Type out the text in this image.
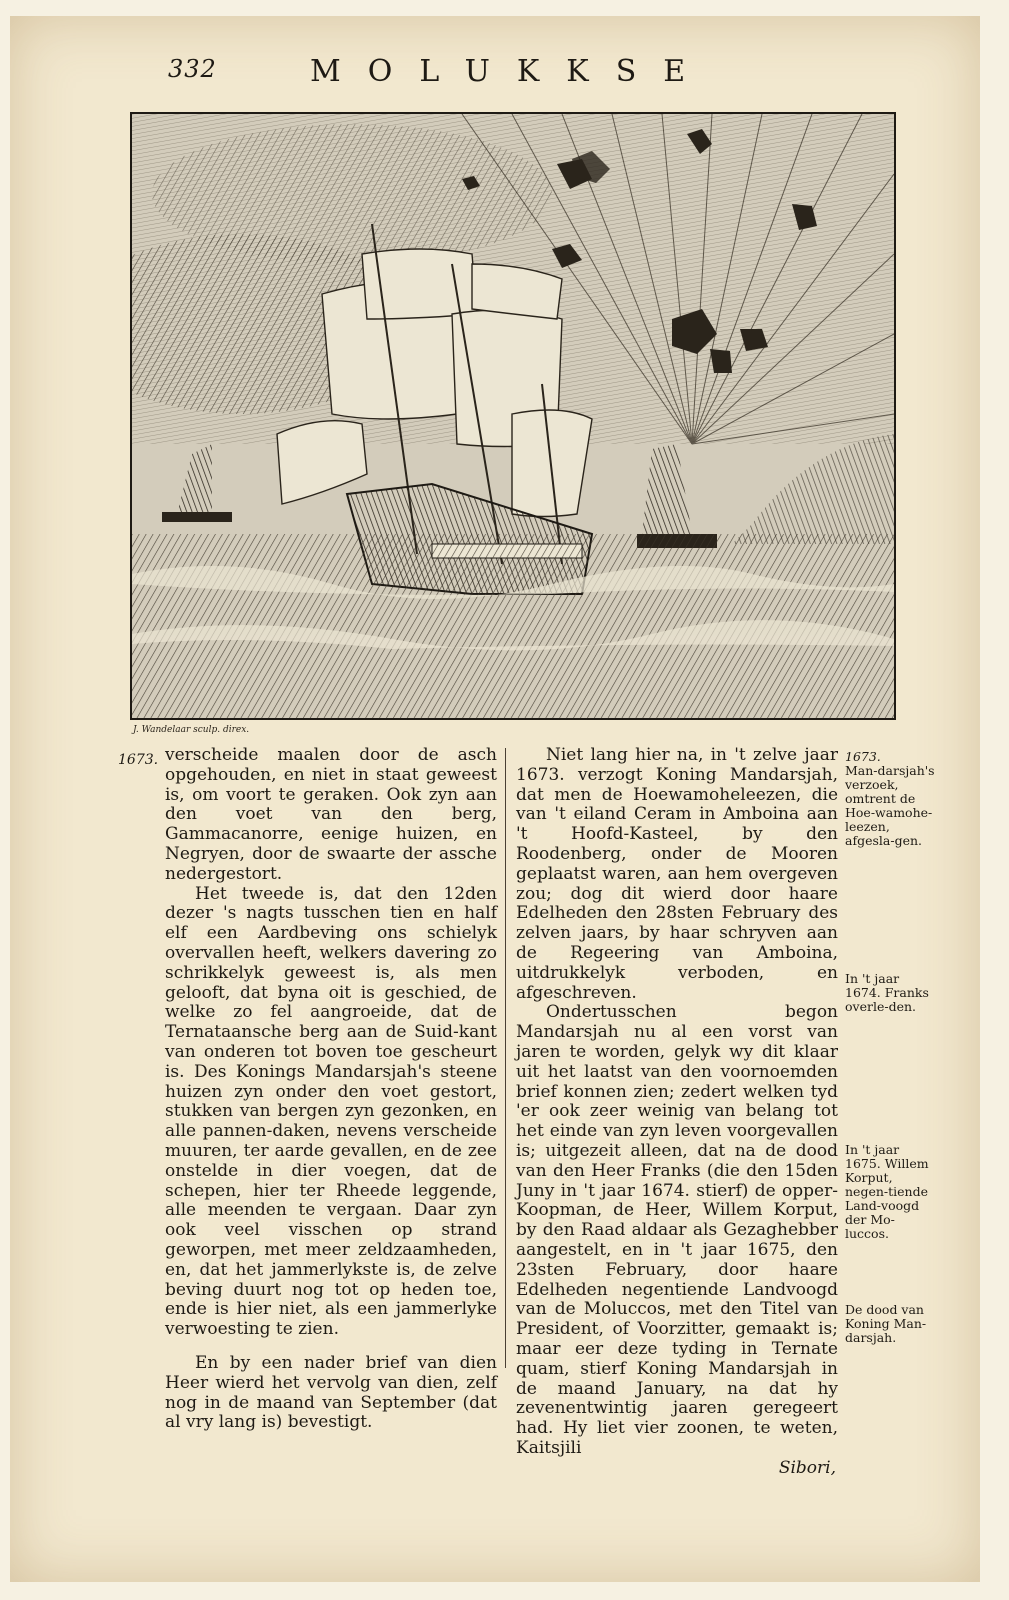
332	MOLUKKSE
J. Wandelaar sculp. direx.
1673. verscheide maalen door de asch opgehouden, en niet in staat geweest is, om voort te geraken. Ook zyn aan den voet van den berg, Gammacanorre, eenige huizen, en Negryen, door de swaarte der assche nedergestort.

Het tweede is, dat den 12den dezer 's nagts tusschen tien en half elf een Aardbeving ons schielyk overvallen heeft, welkers davering zo schrikkelyk geweest is, als men gelooft, dat byna oit is geschied, de welke zo fel aangroeide, dat de Ternataansche berg aan de Suid-kant van onderen tot boven toe gescheurt is. Des Konings Mandarsjah's steene huizen zyn onder den voet gestort, stukken van bergen zyn gezonken, en alle pannen-daken, nevens verscheide muuren, ter aarde gevallen, en de zee onstelde in dier voegen, dat de schepen, hier ter Rheede leggende, alle meenden te vergaan. Daar zyn ook veel visschen op strand geworpen, met meer zeldzaamheden, en, dat het jammerlykste is, de zelve beving duurt nog tot op heden toe, ende is hier niet, als een jammerlyke verwoesting te zien.

En by een nader brief van dien Heer wierd het vervolg van dien, zelf nog in de maand van September (dat al vry lang is) bevestigt.

Niet lang hier na, in 't zelve jaar 1673. verzogt Koning Mandarsjah, dat men de Hoewamoheleezen, die van 't eiland Ceram in Amboina aan 't Hoofd-Kasteel, by den Roodenberg, onder de Mooren geplaatst waren, aan hem overgeven zou; dog dit wierd door haare Edelheden den 28sten February des zelven jaars, by haar schryven aan de Regeering van Amboina, uitdrukkelyk verboden, en afgeschreven.

Ondertusschen begon Mandarsjah nu al een vorst van jaren te worden, gelyk wy dit klaar uit het laatst van den voornoemden brief konnen zien; zedert welken tyd 'er ook zeer weinig van belang tot het einde van zyn leven voorgevallen is; uitgezeit alleen, dat na de dood van den Heer Franks (die den 15den Juny in 't jaar 1674. stierf) de opper-Koopman, de Heer, Willem Korput, by den Raad aldaar als Gezaghebber aangestelt, en in 't jaar 1675, den 23sten February, door haare Edelheden negentiende Landvoogd van de Moluccos, met den Titel van President, of Voorzitter, gemaakt is; maar eer deze tyding in Ternate quam, stierf Koning Mandarsjah in de maand January, na dat hy zevenentwintig jaaren geregeert had. Hy liet vier zoonen, te weten, Kaitsjili

Sibori,
1673.
Man-darsjah's verzoek, omtrent de Hoe-wamohe-leezen, afgesla-gen.
In 't jaar 1674. Franks overle-den.
In 't jaar 1675. Willem Korput, negen-tiende Land-voogd der Mo-luccos.
De dood van Koning Man-darsjah.
